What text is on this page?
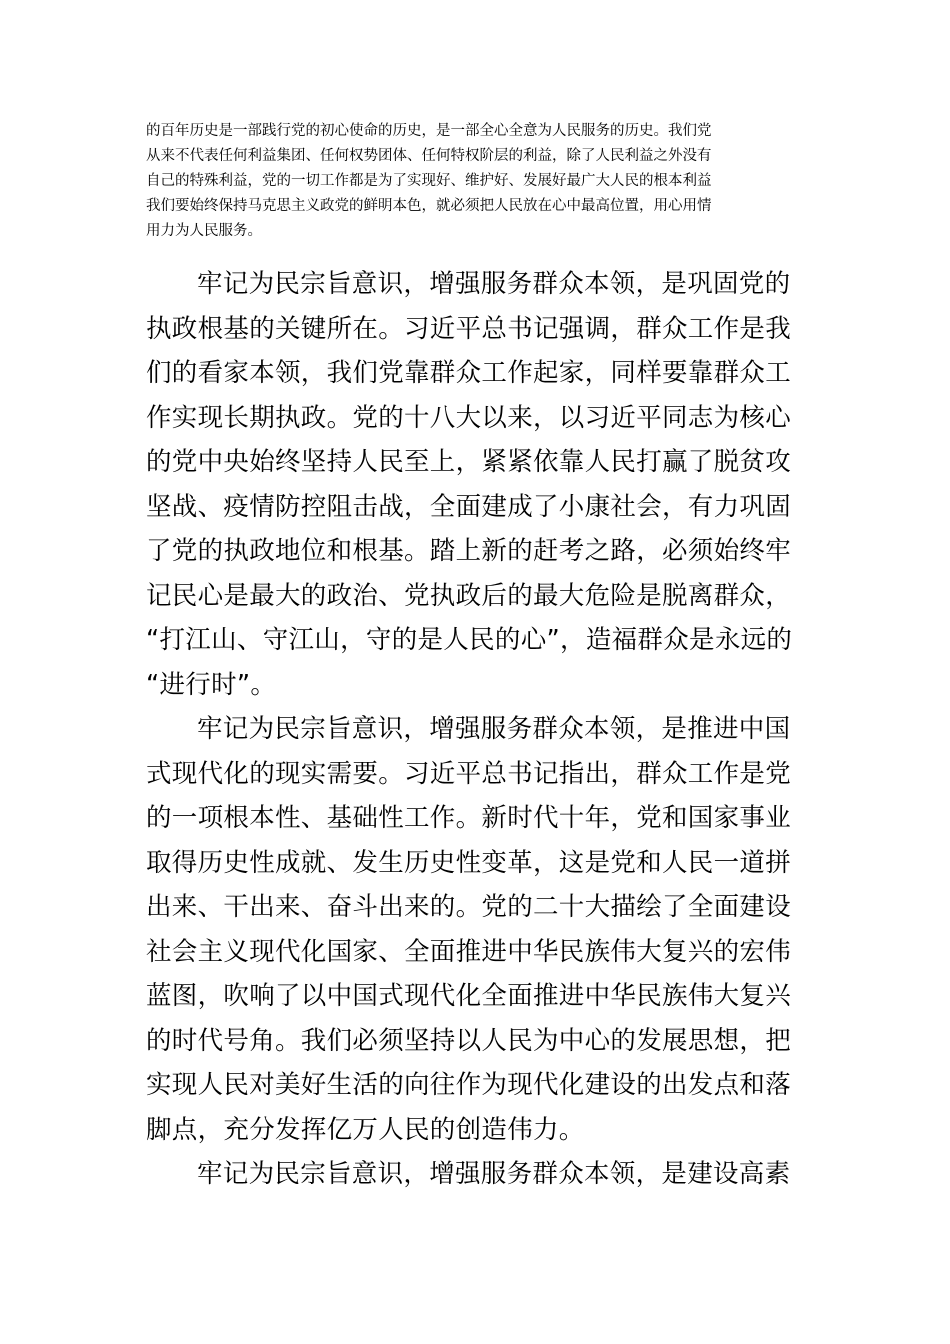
的百年历史是一部践行党的初心使命的历史，是一部全心全意为人民服务的历史。我们党
从来不代表任何利益集团、任何权势团体、任何特权阶层的利益，除了人民利益之外没有
自己的特殊利益，党的一切工作都是为了实现好、维护好、发展好最广大人民的根本利益
我们要始终保持马克思主义政党的鲜明本色，就必须把人民放在心中最高位置，用心用情
用力为人民服务。
牢记为民宗旨意识，增强服务群众本领，是巩固党的
执政根基的关键所在。习近平总书记强调，群众工作是我
们的看家本领，我们党靠群众工作起家，同样要靠群众工
作实现长期执政。党的十八大以来，以习近平同志为核心
的党中央始终坚持人民至上，紧紧依靠人民打赢了脱贫攻
坚战、疫情防控阻击战，全面建成了小康社会，有力巩固
了党的执政地位和根基。踏上新的赶考之路，必须始终牢
记民心是最大的政治、党执政后的最大危险是脱离群众，
“打江山、守江山，守的是人民的心”，造福群众是永远的
“进行时”。
牢记为民宗旨意识，增强服务群众本领，是推进中国
式现代化的现实需要。习近平总书记指出，群众工作是党
的一项根本性、基础性工作。新时代十年，党和国家事业
取得历史性成就、发生历史性变革，这是党和人民一道拼
出来、干出来、奋斗出来的。党的二十大描绘了全面建设
社会主义现代化国家、全面推进中华民族伟大复兴的宏伟
蓝图，吹响了以中国式现代化全面推进中华民族伟大复兴
的时代号角。我们必须坚持以人民为中心的发展思想，把
实现人民对美好生活的向往作为现代化建设的出发点和落
脚点，充分发挥亿万人民的创造伟力。
牢记为民宗旨意识，增强服务群众本领，是建设高素
